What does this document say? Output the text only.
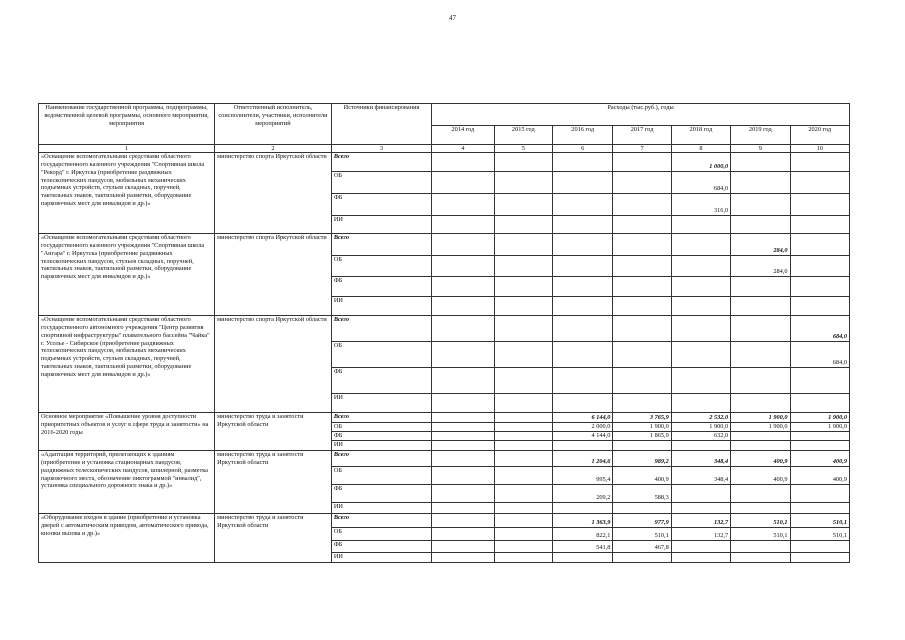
47
Наименование государственной программы, подпрограммы, ведомственной целевой программы, основного мероприятия, мероприятия	Ответственный исполнитель, соисполнители, участники, исполнители мероприятий	Источники финансирования	Расходы (тыс.руб.), годы						
			2014 год	2015 год	2016 год	2017 год	2018 год	2019 год	2020 год
1	2	3	4	5	6	7	8	9	10
«Оснащение вспомогательными средствами областного государственного казенного учреждения "Спортивная школа "Рекорд" г. Иркутска (приобретение раздвижных телескопических пандусов, мобильных механических подъемных устройств, стульев складных, поручней, тактильных знаков, тактильной разметки, оборудование парковочных мест для инвалидов и др.)»	министерство спорта Иркутской области	Всего					1 000,0		
		ОБ					684,0		
		ФБ					316,0		
		ИИ							
«Оснащение вспомогательными средствами областного государственного казенного учреждения "Спортивная школа "Ангара" г. Иркутска (приобретение раздвижных телескопических пандусов, стульев складных, поручней, тактильных знаков, тактильной разметки, оборудование парковочных мест для инвалидов и др.)»	министерство спорта Иркутской области	Всего						284,0	
		ОБ						284,0	
		ФБ							
		ИИ							
«Оснащение вспомогательными средствами областного государственного автономного учреждения "Центр развития спортивной инфраструктуры" плавательного бассейна "Чайка" г. Усолье - Сибирское (приобретение раздвижных телескопических пандусов, мобильных механических подъемных устройств, стульев складных, поручней, тактильных знаков, тактильной разметки, оборудование парковочных мест для инвалидов и др.)»	министерство спорта Иркутской области	Всего							684,0
		ОБ							684,0
		ФБ							
		ИИ							
Основное мероприятие «Повышение уровня доступности приоритетных объектов и услуг в сфере труда и занятости» на 2016-2020 годы	министерство труда и занятости Иркутской области	Всего			6 144,0	3 765,9	2 532,0	1 900,0	1 900,0
		ОБ			2 000,0	1 900,0	1 900,0	1 900,0	1 900,0
		ФБ			4 144,0	1 865,9	632,0		
		ИИ							
«Адаптация территорий, прилегающих к зданиям (приобретение и установка стационарных пандусов, раздвижных телескопических пандусов, шпилерной, разметка парковочного места, обозначение пиктограммой "инвалид", установка специального дорожного знака и др.)»	министерство труда и занятости Иркутской области	Всего			1 204,6	989,2	348,4	400,9	400,9
		ОБ			995,4	400,9	348,4	400,9	400,9
		ФБ			209,2	588,3			
		ИИ							
«Оборудование входов в здание (приобретение и установка дверей с автоматическим приводом, автоматического привода, кнопки вызова и др.)»	министерство труда и занятости Иркутской области	Всего			1 363,9	977,9	132,7	510,1	510,1
		ОБ			822,1	510,1	132,7	510,1	510,1
		ФБ			541,8	467,8			
		ИИ							
